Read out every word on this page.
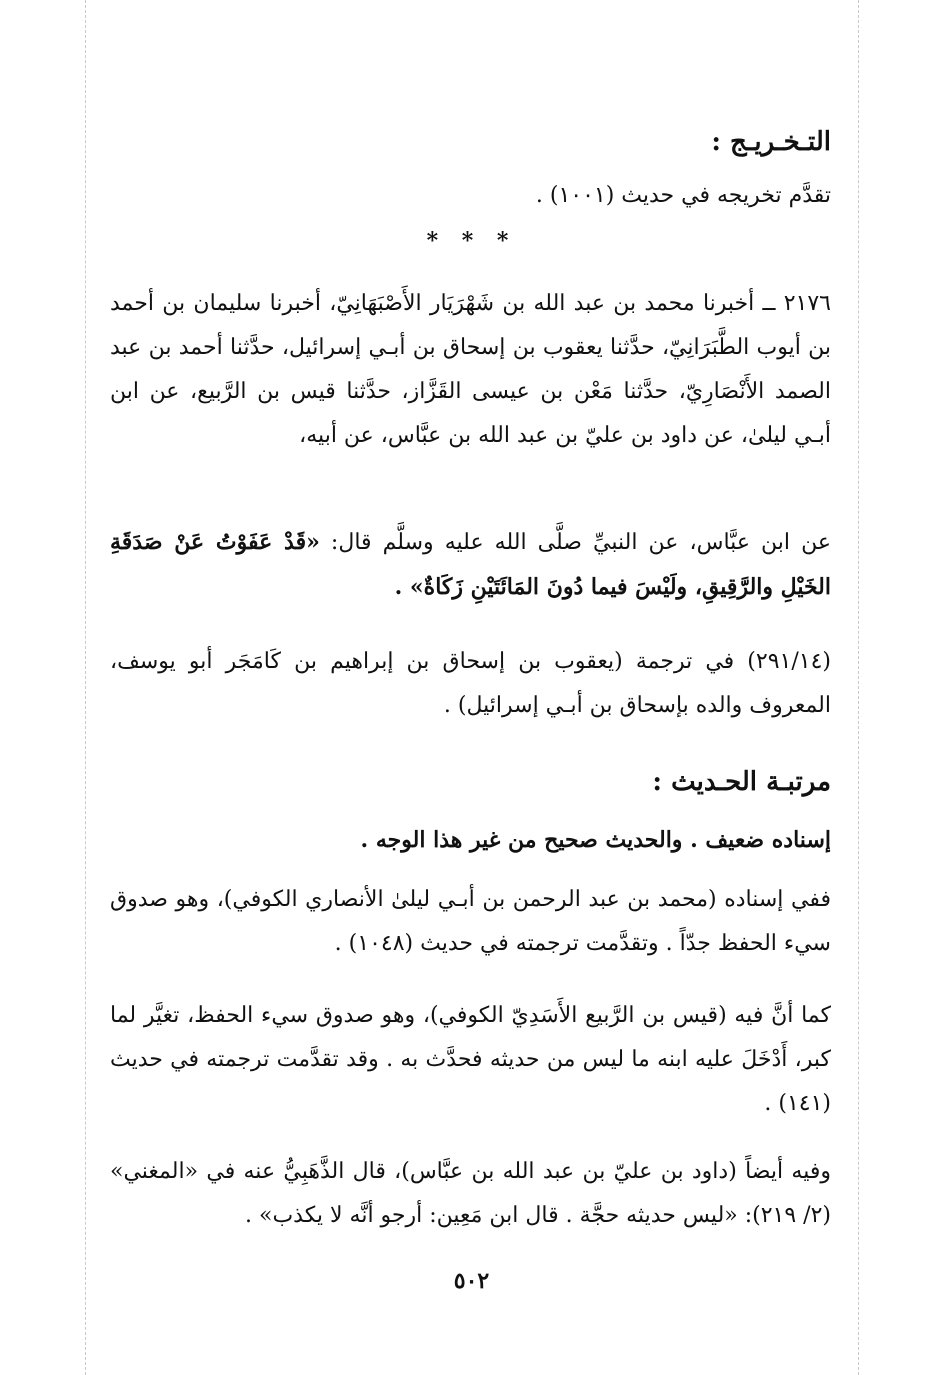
التـخـريـج :
تقدَّم تخريجه في حديث (١٠٠١) .
* * *
٢١٧٦ ــ أخبرنا محمد بن عبد الله بن شَهْرَيَار الأَصْبَهَانِيّ، أخبرنا سليمان بن أحمد بن أيوب الطَّبَرَانِيّ، حدَّثنا يعقوب بن إسحاق بن أبـي إسرائيل، حدَّثنا أحمد بن عبد الصمد الأَنْصَارِيّ، حدَّثنا مَعْن بن عيسى القَزَّاز، حدَّثنا قيس بن الرَّبيع، عن ابن أبـي ليلىٰ، عن داود بن عليّ بن عبد الله بن عبَّاس، عن أبيه،
عن ابن عبَّاس، عن النبيِّ صلَّى الله عليه وسلَّم قال: «قَدْ عَفَوْتُ عَنْ صَدَقَةِ الخَيْلِ والرَّقِيقِ، ولَيْسَ فيما دُونَ المَائَتَيْنِ زَكَاةٌ» .
(٢٩١/١٤) في ترجمة (يعقوب بن إسحاق بن إبراهيم بن كَامَجَر أبو يوسف، المعروف والده بإسحاق بن أبـي إسرائيل) .
مرتبـة الحـديث :
إسناده ضعيف . والحديث صحيح من غير هذا الوجه .
ففي إسناده (محمد بن عبد الرحمن بن أبـي ليلىٰ الأنصاري الكوفي)، وهو صدوق سيء الحفظ جدّاً . وتقدَّمت ترجمته في حديث (١٠٤٨) .
كما أنَّ فيه (قيس بن الرَّبيع الأَسَدِيّ الكوفي)، وهو صدوق سيء الحفظ، تغيَّر لما كبر، أَدْخَلَ عليه ابنه ما ليس من حديثه فحدَّث به . وقد تقدَّمت ترجمته في حديث (١٤١) .
وفيه أيضاً (داود بن عليّ بن عبد الله بن عبَّاس)، قال الذَّهَبِيُّ عنه في «المغني» (٢/ ٢١٩): «ليس حديثه حجَّة . قال ابن مَعِين: أرجو أنَّه لا يكذب» .
٥٠٢
